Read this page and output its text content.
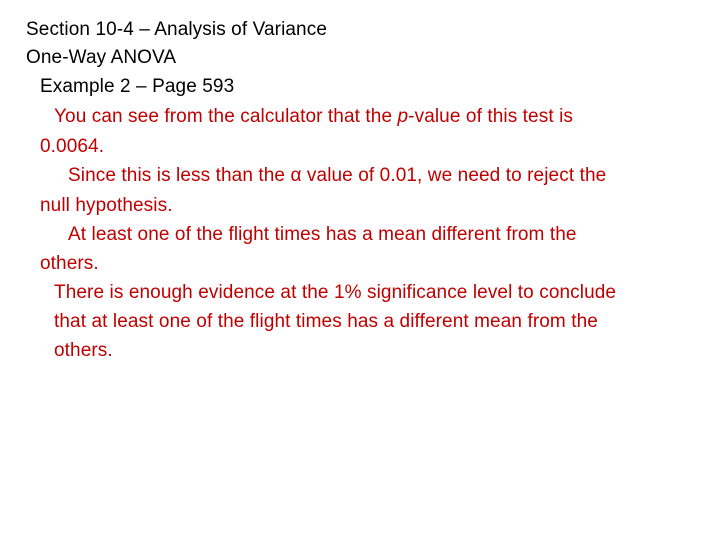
Section 10-4 – Analysis of Variance
One-Way ANOVA
Example 2 – Page 593
You can see from the calculator that the p-value of this test is
0.0064.
Since this is less than the α value of 0.01, we need to reject the
null hypothesis.
At least one of the flight times has a mean different from the
others.
There is enough evidence at the 1% significance level to conclude
that at least one of the flight times has a different mean from the
others.
